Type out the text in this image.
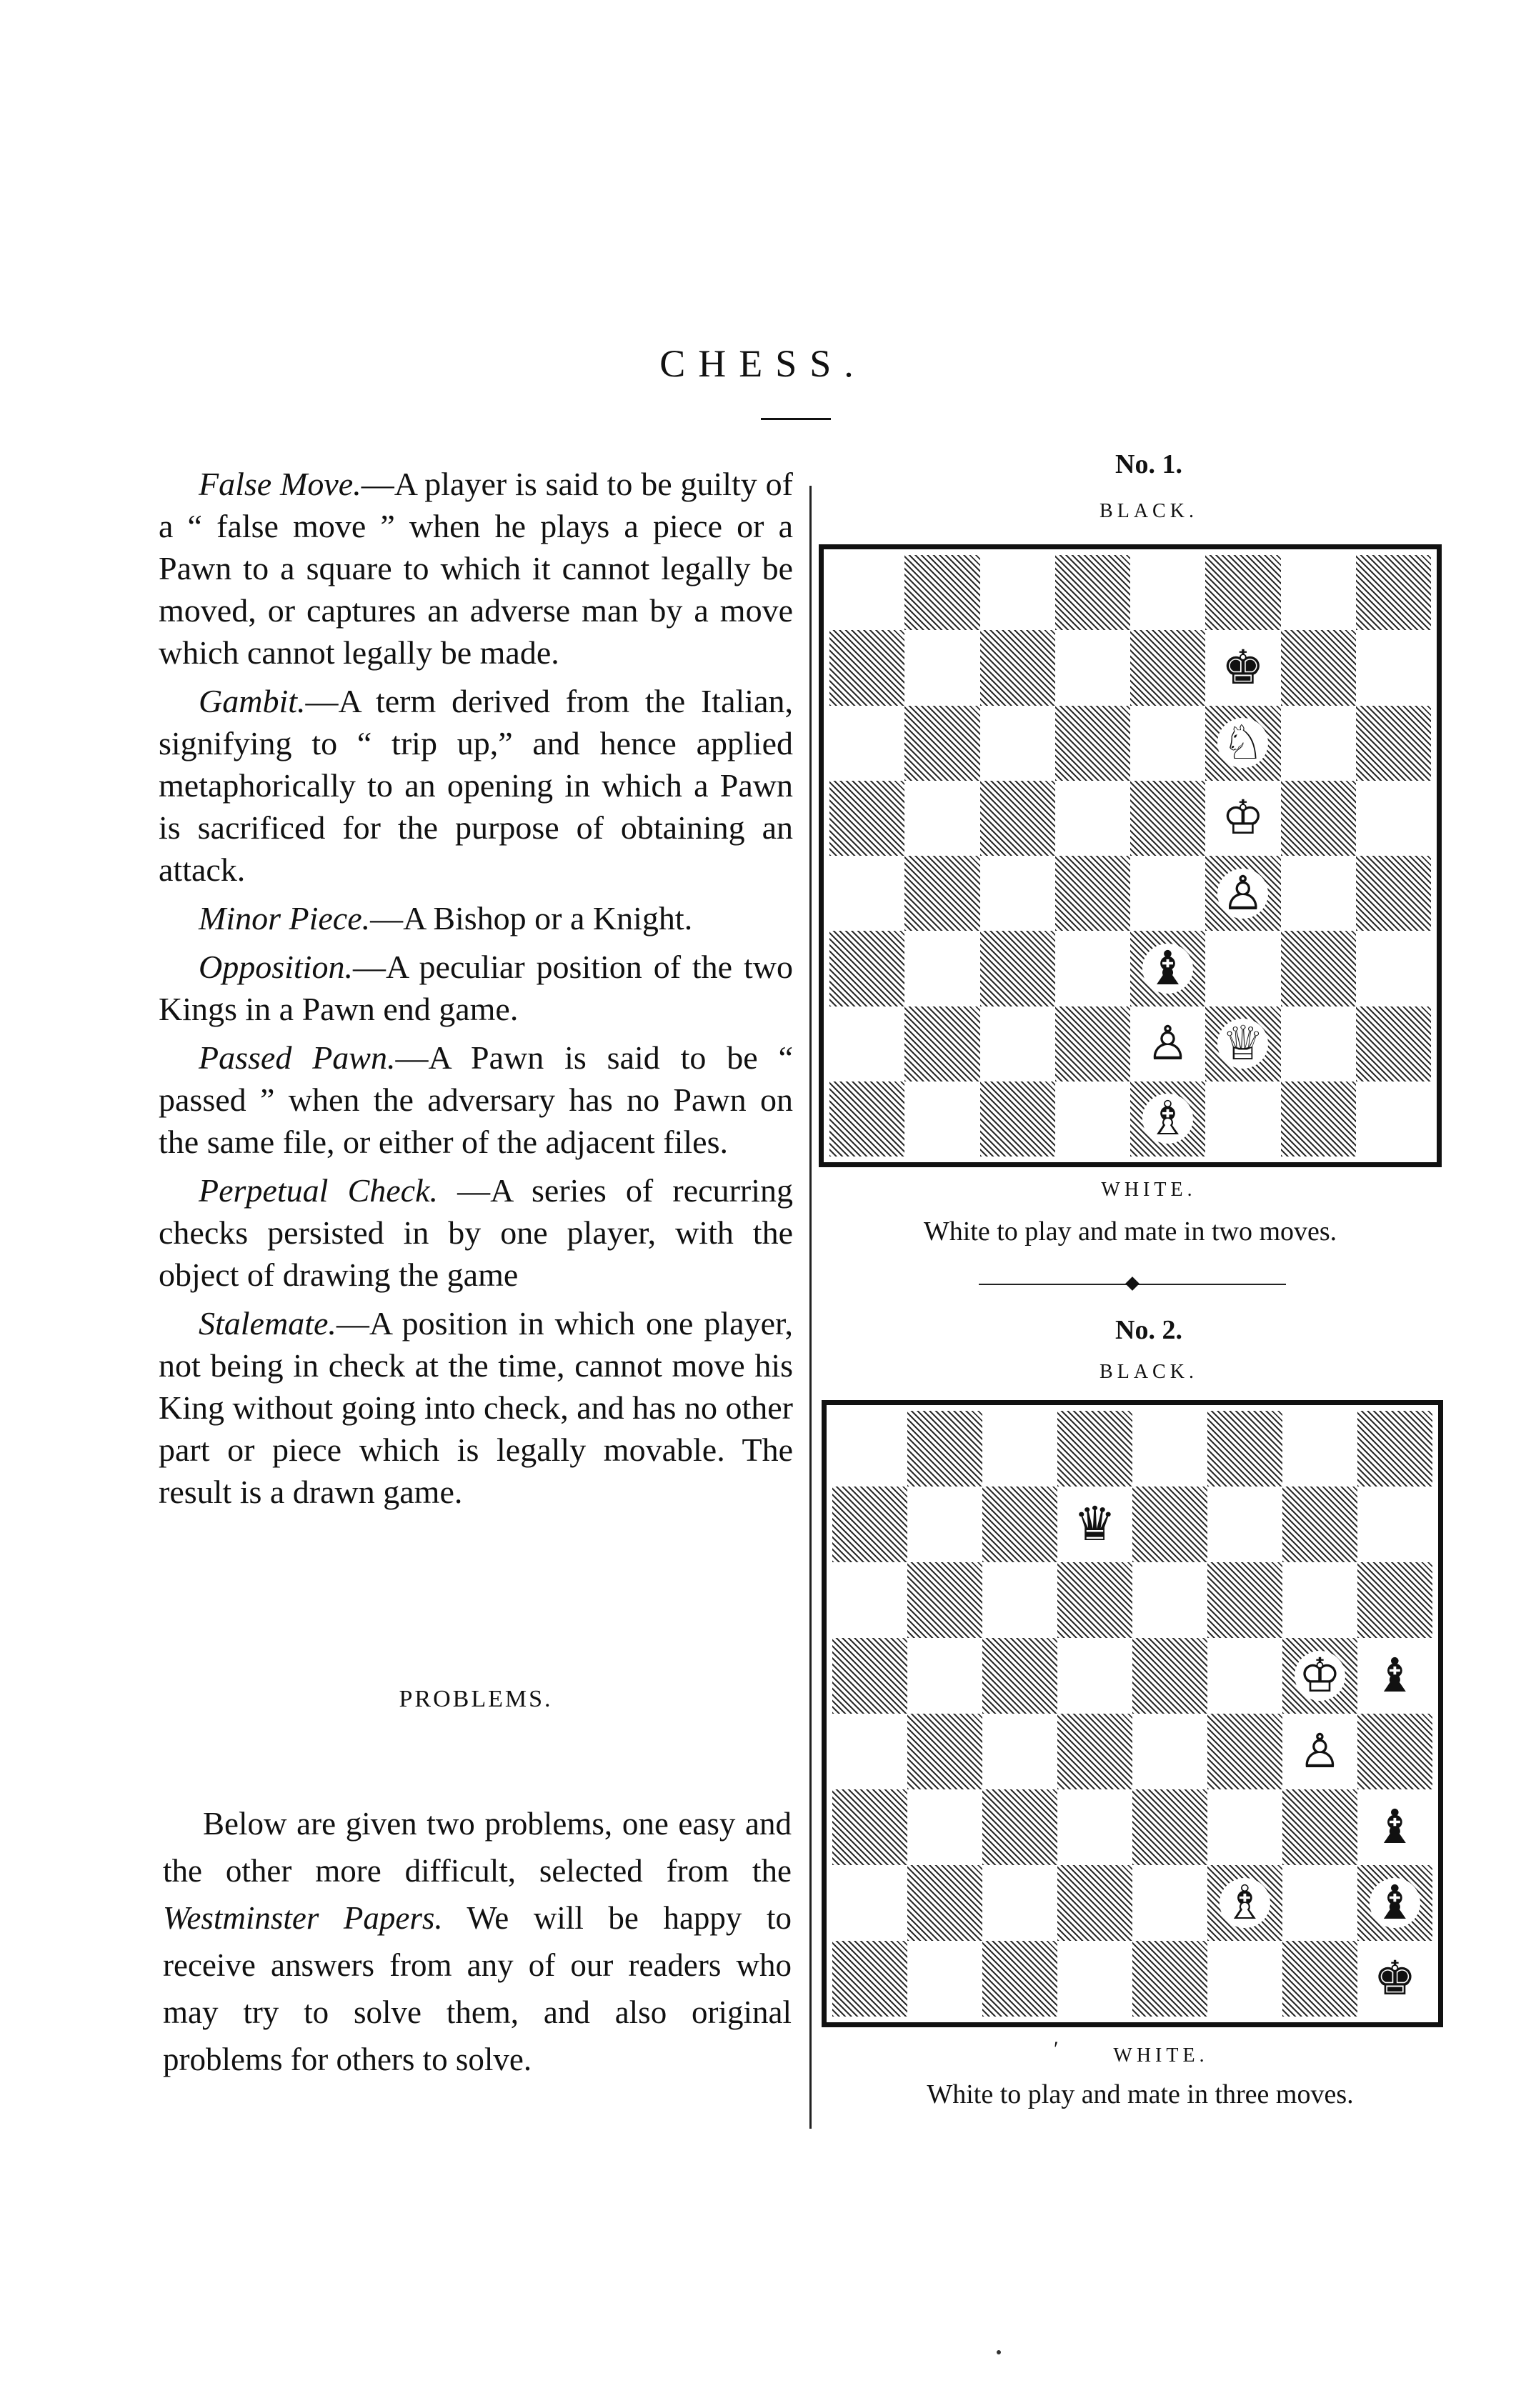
CHESS.

False Move.—A player is said to be guilty of a “ false move ” when he plays a piece or a Pawn to a square to which it cannot legally be moved, or captures an adverse man by a move which cannot legally be made.

Gambit.—A term derived from the Italian, signifying to “ trip up,” and hence applied metaphorically to an opening in which a Pawn is sacrificed for the purpose of obtaining an attack.

Minor Piece.—A Bishop or a Knight.

Opposition.—A peculiar position of the two Kings in a Pawn end game.

Passed Pawn.—A Pawn is said to be “ passed ” when the adversary has no Pawn on the same file, or either of the adjacent files.

Perpetual Check. —A series of recurring checks persisted in by one player, with the object of drawing the game

Stalemate.—A position in which one player, not being in check at the time, cannot move his King without going into check, and has no other part or piece which is legally movable. The result is a drawn game.

PROBLEMS.

Below are given two problems, one easy and the other more difficult, selected from the Westminster Papers. We will be happy to receive answers from any of our readers who may try to solve them, and also original problems for others to solve.

No. 1.
BLACK.
♚
♘
♔
♙
♝
♙ ♕
♗
WHITE.
White to play and mate in two moves.
No. 2.
BLACK.
♛
♔ ♝
♙
♝
♗ ♝
♚
ʹ	WHITE.
White to play and mate in three moves.
